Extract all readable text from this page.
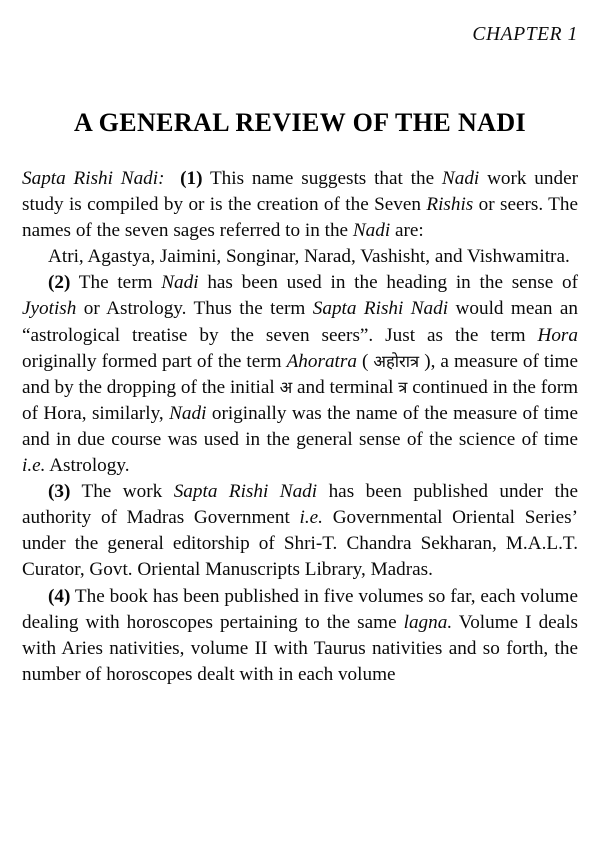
CHAPTER 1
A GENERAL REVIEW OF THE NADI

Sapta Rishi Nadi: (1) This name suggests that the Nadi work under study is compiled by or is the creation of the Seven Rishis or seers. The names of the seven sages referred to in the Nadi are:

Atri, Agastya, Jaimini, Songinar, Narad, Vashisht, and Vishwamitra.

(2) The term Nadi has been used in the heading in the sense of Jyotish or Astrology. Thus the term Sapta Rishi Nadi would mean an “astrological treatise by the seven seers”. Just as the term Hora originally formed part of the term Ahoratra ( अहोरात्र ), a measure of time and by the dropping of the initial अ and terminal त्र continued in the form of Hora, similarly, Nadi originally was the name of the measure of time and in due course was used in the general sense of the science of time i.e. Astrology.

(3) The work Sapta Rishi Nadi has been published under the authority of Madras Government i.e. Governmental Oriental Series’ under the general editorship of Shri-T. Chandra Sekharan, M.A.L.T. Curator, Govt. Oriental Manuscripts Library, Madras.

(4) The book has been published in five volumes so far, each volume dealing with horoscopes pertaining to the same lagna. Volume I deals with Aries nativities, volume II with Taurus nativities and so forth, the number of horoscopes dealt with in each volume
